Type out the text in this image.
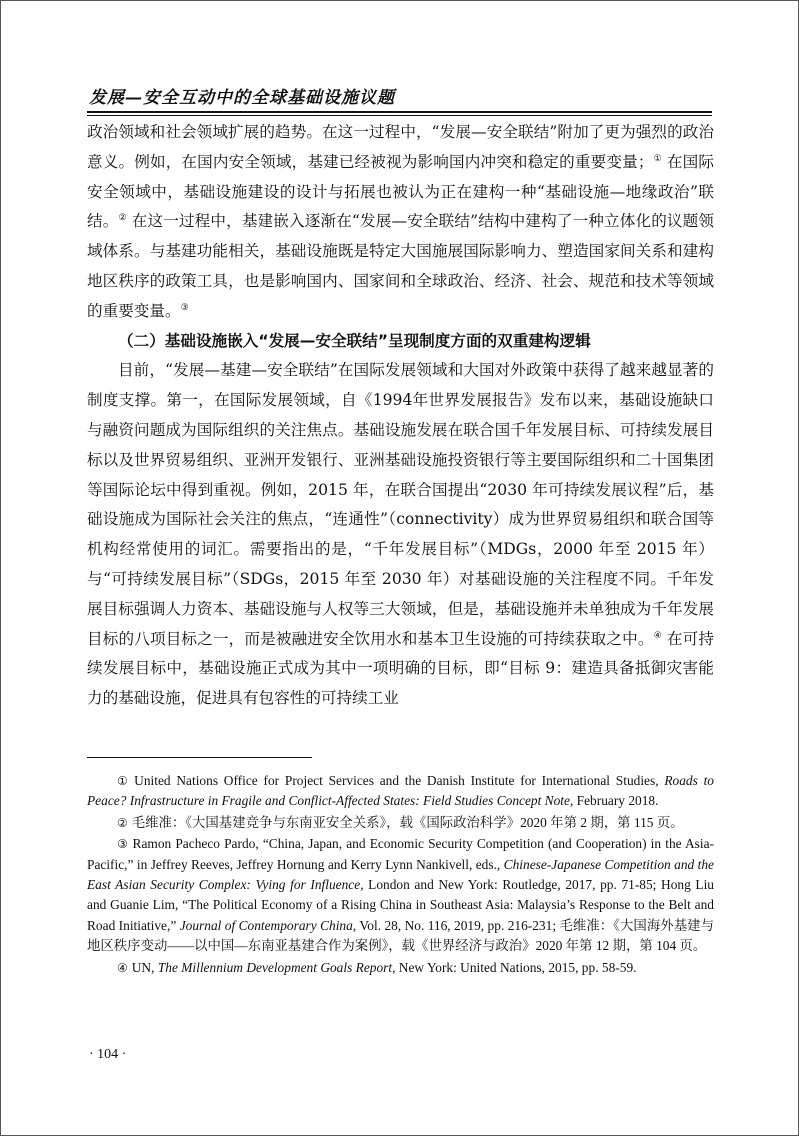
发展—安全互动中的全球基础设施议题

政治领域和社会领域扩展的趋势。在这一过程中，“发展—安全联结”附加了更为强烈的政治意义。例如，在国内安全领域，基建已经被视为影响国内冲突和稳定的重要变量；① 在国际安全领域中，基础设施建设的设计与拓展也被认为正在建构一种“基础设施—地缘政治”联结。② 在这一过程中，基建嵌入逐渐在“发展—安全联结”结构中建构了一种立体化的议题领域体系。与基建功能相关，基础设施既是特定大国施展国际影响力、塑造国家间关系和建构地区秩序的政策工具，也是影响国内、国家间和全球政治、经济、社会、规范和技术等领域的重要变量。③

（二）基础设施嵌入“发展—安全联结”呈现制度方面的双重建构逻辑

目前，“发展—基建—安全联结”在国际发展领域和大国对外政策中获得了越来越显著的制度支撑。第一，在国际发展领域，自《1994年世界发展报告》发布以来，基础设施缺口与融资问题成为国际组织的关注焦点。基础设施发展在联合国千年发展目标、可持续发展目标以及世界贸易组织、亚洲开发银行、亚洲基础设施投资银行等主要国际组织和二十国集团等国际论坛中得到重视。例如，2015 年，在联合国提出“2030 年可持续发展议程”后，基础设施成为国际社会关注的焦点，“连通性”（connectivity）成为世界贸易组织和联合国等机构经常使用的词汇。需要指出的是，“千年发展目标”（MDGs，2000 年至 2015 年）与“可持续发展目标”（SDGs，2015 年至 2030 年）对基础设施的关注程度不同。千年发展目标强调人力资本、基础设施与人权等三大领域，但是，基础设施并未单独成为千年发展目标的八项目标之一，而是被融进安全饮用水和基本卫生设施的可持续获取之中。④ 在可持续发展目标中，基础设施正式成为其中一项明确的目标，即“目标 9：建造具备抵御灾害能力的基础设施，促进具有包容性的可持续工业

① United Nations Office for Project Services and the Danish Institute for International Studies, Roads to Peace? Infrastructure in Fragile and Conflict-Affected States: Field Studies Concept Note, February 2018.

② 毛维准：《大国基建竞争与东南亚安全关系》，载《国际政治科学》2020 年第 2 期，第 115 页。

③ Ramon Pacheco Pardo, “China, Japan, and Economic Security Competition (and Cooperation) in the Asia-Pacific,” in Jeffrey Reeves, Jeffrey Hornung and Kerry Lynn Nankivell, eds., Chinese-Japanese Competition and the East Asian Security Complex: Vying for Influence, London and New York: Routledge, 2017, pp. 71-85; Hong Liu and Guanie Lim, “The Political Economy of a Rising China in Southeast Asia: Malaysia’s Response to the Belt and Road Initiative,” Journal of Contemporary China, Vol. 28, No. 116, 2019, pp. 216-231; 毛维准：《大国海外基建与地区秩序变动——以中国—东南亚基建合作为案例》，载《世界经济与政治》2020 年第 12 期，第 104 页。

④ UN, The Millennium Development Goals Report, New York: United Nations, 2015, pp. 58-59.

· 104 ·
